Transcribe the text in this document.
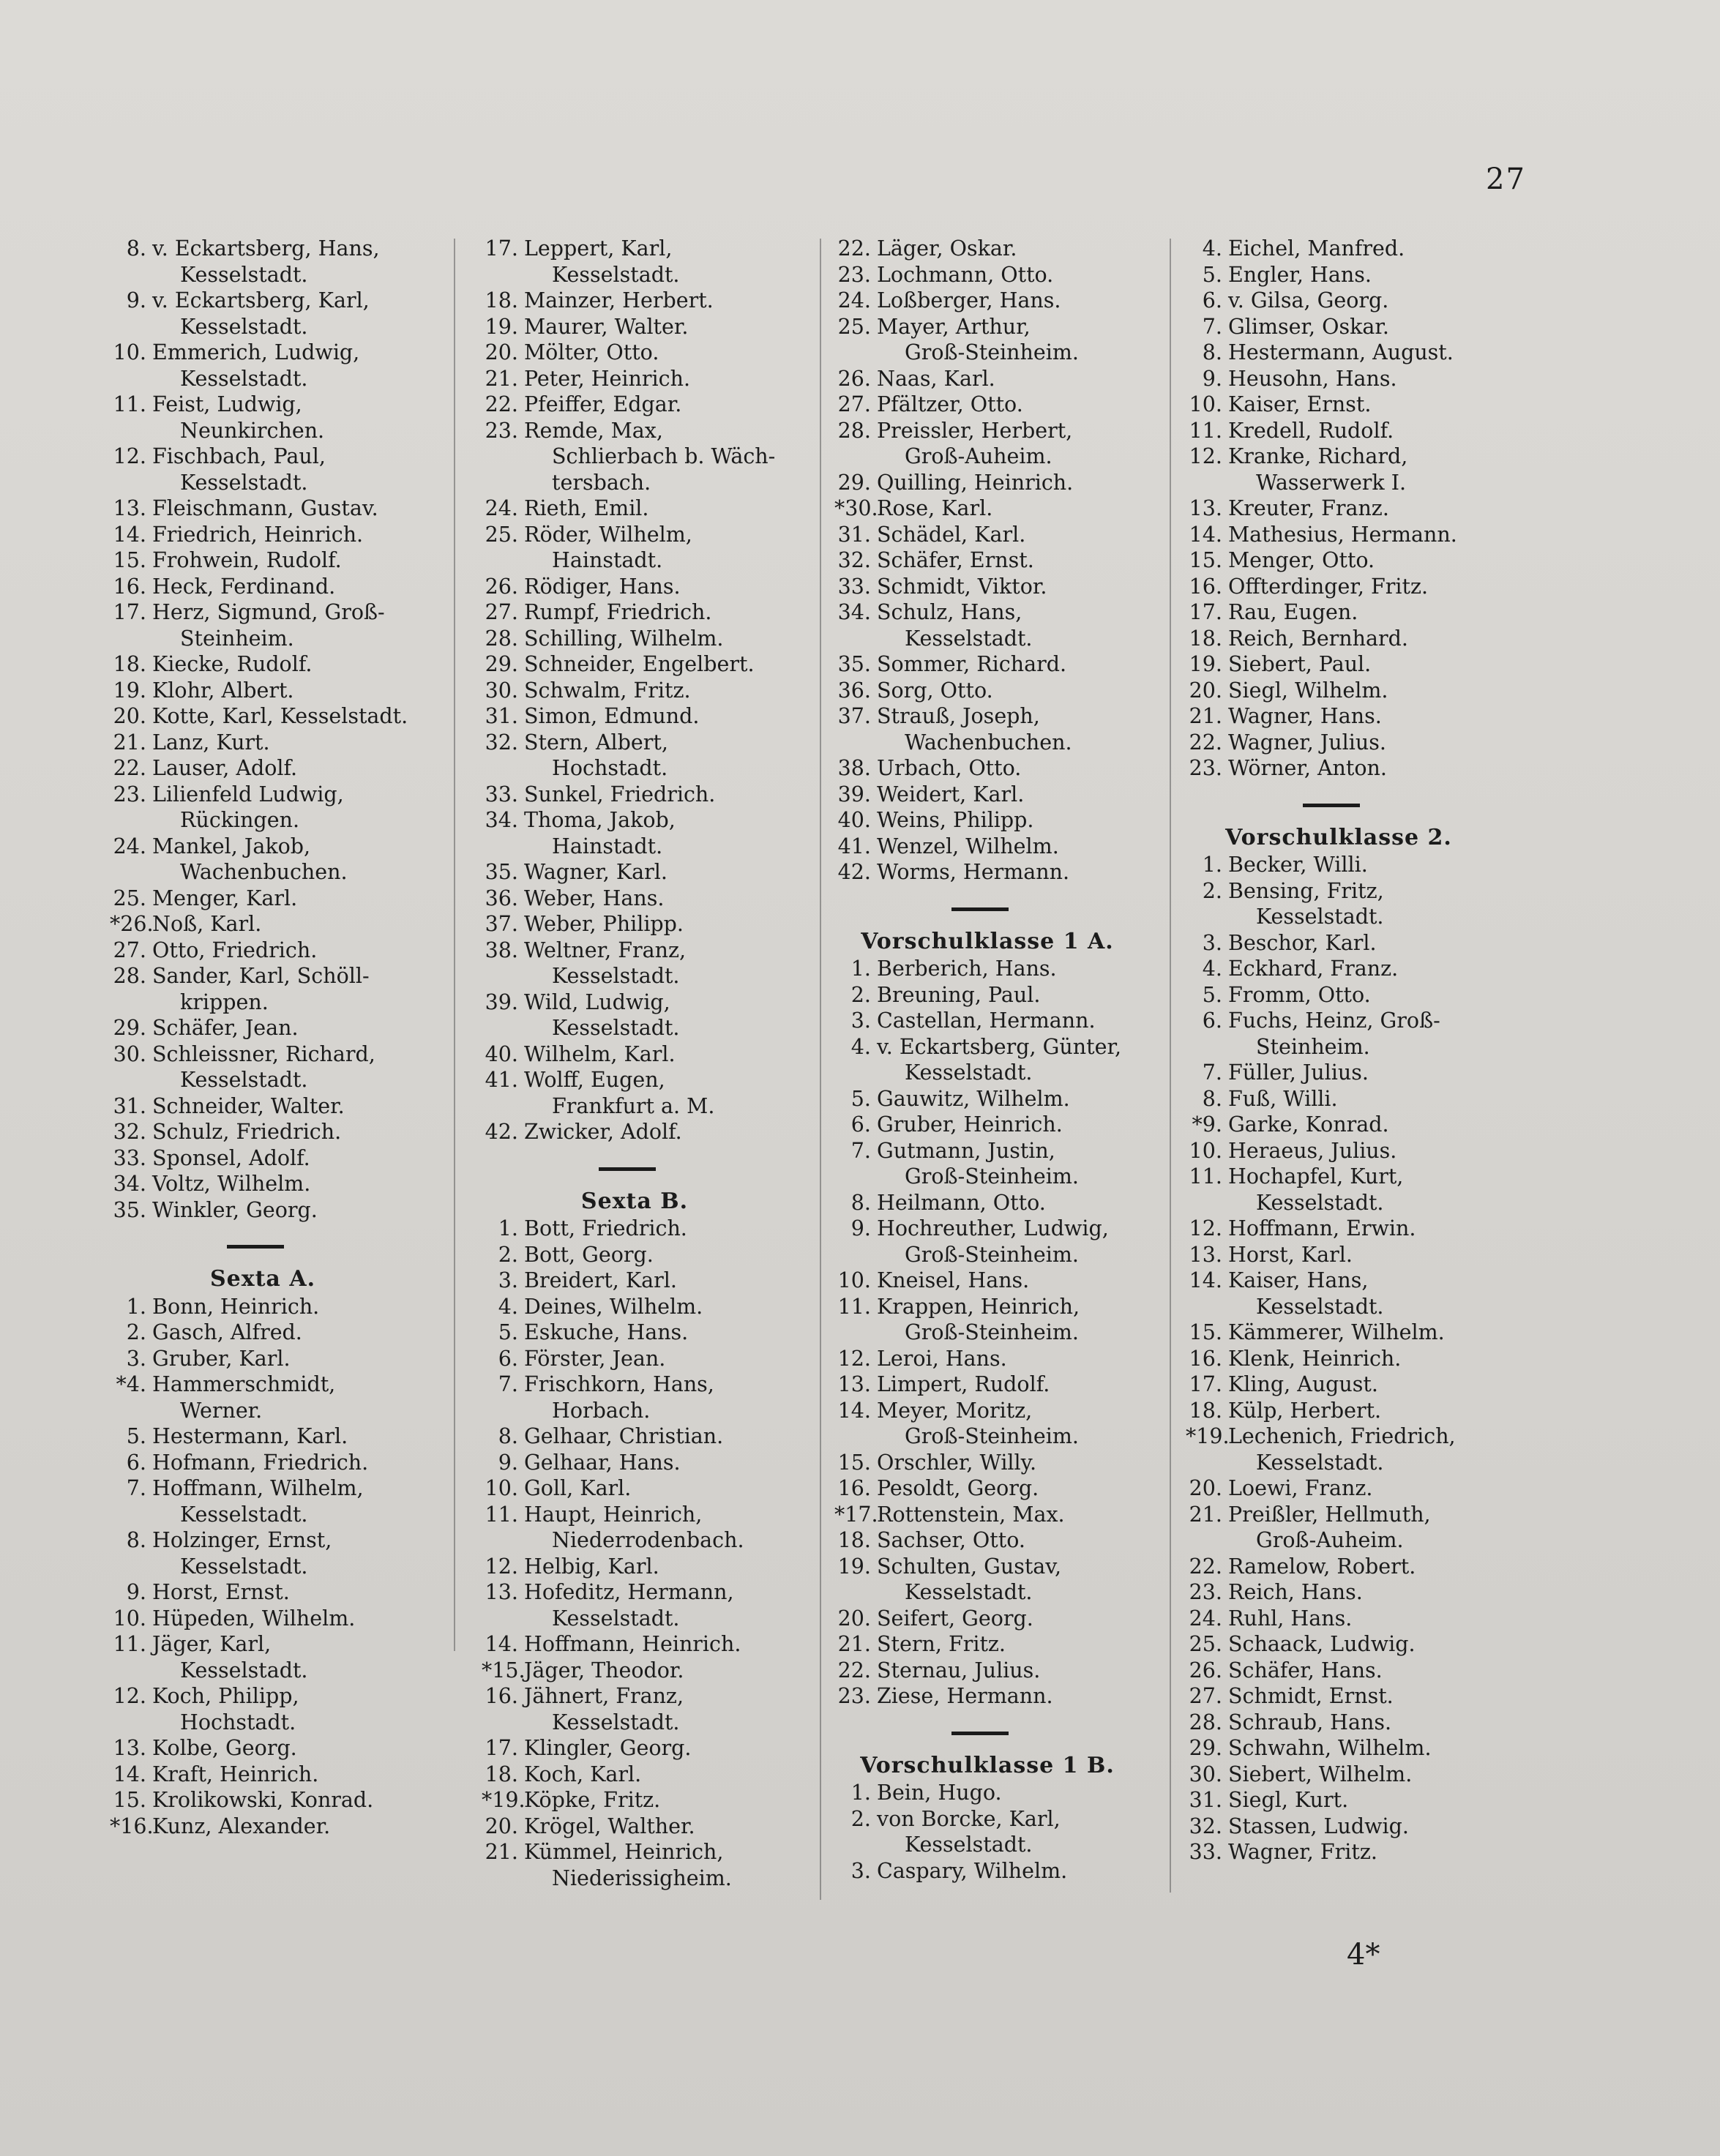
27
8. v. Eckartsberg, Hans,
Kesselstadt.
9. v. Eckartsberg, Karl,
Kesselstadt.
10. Emmerich, Ludwig,
Kesselstadt.
11. Feist, Ludwig,
Neunkirchen.
12. Fischbach, Paul,
Kesselstadt.
13. Fleischmann, Gustav.
14. Friedrich, Heinrich.
15. Frohwein, Rudolf.
16. Heck, Ferdinand.
17. Herz, Sigmund, Groß-
Steinheim.
18. Kiecke, Rudolf.
19. Klohr, Albert.
20. Kotte, Karl, Kesselstadt.
21. Lanz, Kurt.
22. Lauser, Adolf.
23. Lilienfeld Ludwig,
Rückingen.
24. Mankel, Jakob,
Wachenbuchen.
25. Menger, Karl.
*26.
Noß, Karl.
27. Otto, Friedrich.
28. Sander, Karl, Schöll-
krippen.
29. Schäfer, Jean.
30. Schleissner, Richard,
Kesselstadt.
31. Schneider, Walter.
32. Schulz, Friedrich.
33. Sponsel, Adolf.
34. Voltz, Wilhelm.
35. Winkler, Georg.
Sexta A.
1. Bonn, Heinrich.
2. Gasch, Alfred.
3. Gruber, Karl.
*4. Hammerschmidt,
Werner.
5. Hestermann, Karl.
6. Hofmann, Friedrich.
7. Hoffmann, Wilhelm,
Kesselstadt.
8. Holzinger, Ernst,
Kesselstadt.
9. Horst, Ernst.
10. Hüpeden, Wilhelm.
11. Jäger, Karl,
Kesselstadt.
12. Koch, Philipp,
Hochstadt.
13. Kolbe, Georg.
14. Kraft, Heinrich.
15. Krolikowski, Konrad.
*16.
Kunz, Alexander.
17. Leppert, Karl,
Kesselstadt.
18. Mainzer, Herbert.
19. Maurer, Walter.
20. Mölter, Otto.
21. Peter, Heinrich.
22. Pfeiffer, Edgar.
23. Remde, Max,
Schlierbach b. Wäch-
tersbach.
24. Rieth, Emil.
25. Röder, Wilhelm,
Hainstadt.
26. Rödiger, Hans.
27. Rumpf, Friedrich.
28. Schilling, Wilhelm.
29. Schneider, Engelbert.
30. Schwalm, Fritz.
31. Simon, Edmund.
32. Stern, Albert,
Hochstadt.
33. Sunkel, Friedrich.
34. Thoma, Jakob,
Hainstadt.
35. Wagner, Karl.
36. Weber, Hans.
37. Weber, Philipp.
38. Weltner, Franz,
Kesselstadt.
39. Wild, Ludwig,
Kesselstadt.
40. Wilhelm, Karl.
41. Wolff, Eugen,
Frankfurt a. M.
42. Zwicker, Adolf.
Sexta B.
1. Bott, Friedrich.
2. Bott, Georg.
3. Breidert, Karl.
4. Deines, Wilhelm.
5. Eskuche, Hans.
6. Förster, Jean.
7. Frischkorn, Hans,
Horbach.
8. Gelhaar, Christian.
9. Gelhaar, Hans.
10. Goll, Karl.
11. Haupt, Heinrich,
Niederrodenbach.
12. Helbig, Karl.
13. Hofeditz, Hermann,
Kesselstadt.
14. Hoffmann, Heinrich.
*15.
Jäger, Theodor.
16. Jähnert, Franz,
Kesselstadt.
17. Klingler, Georg.
18. Koch, Karl.
*19.
Köpke, Fritz.
20. Krögel, Walther.
21. Kümmel, Heinrich,
Niederissigheim.
22. Läger, Oskar.
23. Lochmann, Otto.
24. Loßberger, Hans.
25. Mayer, Arthur,
Groß-Steinheim.
26. Naas, Karl.
27. Pfältzer, Otto.
28. Preissler, Herbert,
Groß-Auheim.
29. Quilling, Heinrich.
*30.
Rose, Karl.
31. Schädel, Karl.
32. Schäfer, Ernst.
33. Schmidt, Viktor.
34. Schulz, Hans,
Kesselstadt.
35. Sommer, Richard.
36. Sorg, Otto.
37. Strauß, Joseph,
Wachenbuchen.
38. Urbach, Otto.
39. Weidert, Karl.
40. Weins, Philipp.
41. Wenzel, Wilhelm.
42. Worms, Hermann.
Vorschulklasse 1 A.
1. Berberich, Hans.
2. Breuning, Paul.
3. Castellan, Hermann.
4. v. Eckartsberg, Günter,
Kesselstadt.
5. Gauwitz, Wilhelm.
6. Gruber, Heinrich.
7. Gutmann, Justin,
Groß-Steinheim.
8. Heilmann, Otto.
9. Hochreuther, Ludwig,
Groß-Steinheim.
10. Kneisel, Hans.
11. Krappen, Heinrich,
Groß-Steinheim.
12. Leroi, Hans.
13. Limpert, Rudolf.
14. Meyer, Moritz,
Groß-Steinheim.
15. Orschler, Willy.
16. Pesoldt, Georg.
*17.
Rottenstein, Max.
18. Sachser, Otto.
19. Schulten, Gustav,
Kesselstadt.
20. Seifert, Georg.
21. Stern, Fritz.
22. Sternau, Julius.
23. Ziese, Hermann.
Vorschulklasse 1 B.
1. Bein, Hugo.
2. von Borcke, Karl,
Kesselstadt.
3. Caspary, Wilhelm.
4. Eichel, Manfred.
5. Engler, Hans.
6. v. Gilsa, Georg.
7. Glimser, Oskar.
8. Hestermann, August.
9. Heusohn, Hans.
10. Kaiser, Ernst.
11. Kredell, Rudolf.
12. Kranke, Richard,
Wasserwerk I.
13. Kreuter, Franz.
14. Mathesius, Hermann.
15. Menger, Otto.
16. Offterdinger, Fritz.
17. Rau, Eugen.
18. Reich, Bernhard.
19. Siebert, Paul.
20. Siegl, Wilhelm.
21. Wagner, Hans.
22. Wagner, Julius.
23. Wörner, Anton.
Vorschulklasse 2.
1. Becker, Willi.
2. Bensing, Fritz,
Kesselstadt.
3. Beschor, Karl.
4. Eckhard, Franz.
5. Fromm, Otto.
6. Fuchs, Heinz, Groß-
Steinheim.
7. Füller, Julius.
8. Fuß, Willi.
*9. Garke, Konrad.
10. Heraeus, Julius.
11. Hochapfel, Kurt,
Kesselstadt.
12. Hoffmann, Erwin.
13. Horst, Karl.
14. Kaiser, Hans,
Kesselstadt.
15. Kämmerer, Wilhelm.
16. Klenk, Heinrich.
17. Kling, August.
18. Külp, Herbert.
*19.
Lechenich, Friedrich,
Kesselstadt.
20. Loewi, Franz.
21. Preißler, Hellmuth,
Groß-Auheim.
22. Ramelow, Robert.
23. Reich, Hans.
24. Ruhl, Hans.
25. Schaack, Ludwig.
26. Schäfer, Hans.
27. Schmidt, Ernst.
28. Schraub, Hans.
29. Schwahn, Wilhelm.
30. Siebert, Wilhelm.
31. Siegl, Kurt.
32. Stassen, Ludwig.
33. Wagner, Fritz.
4*
